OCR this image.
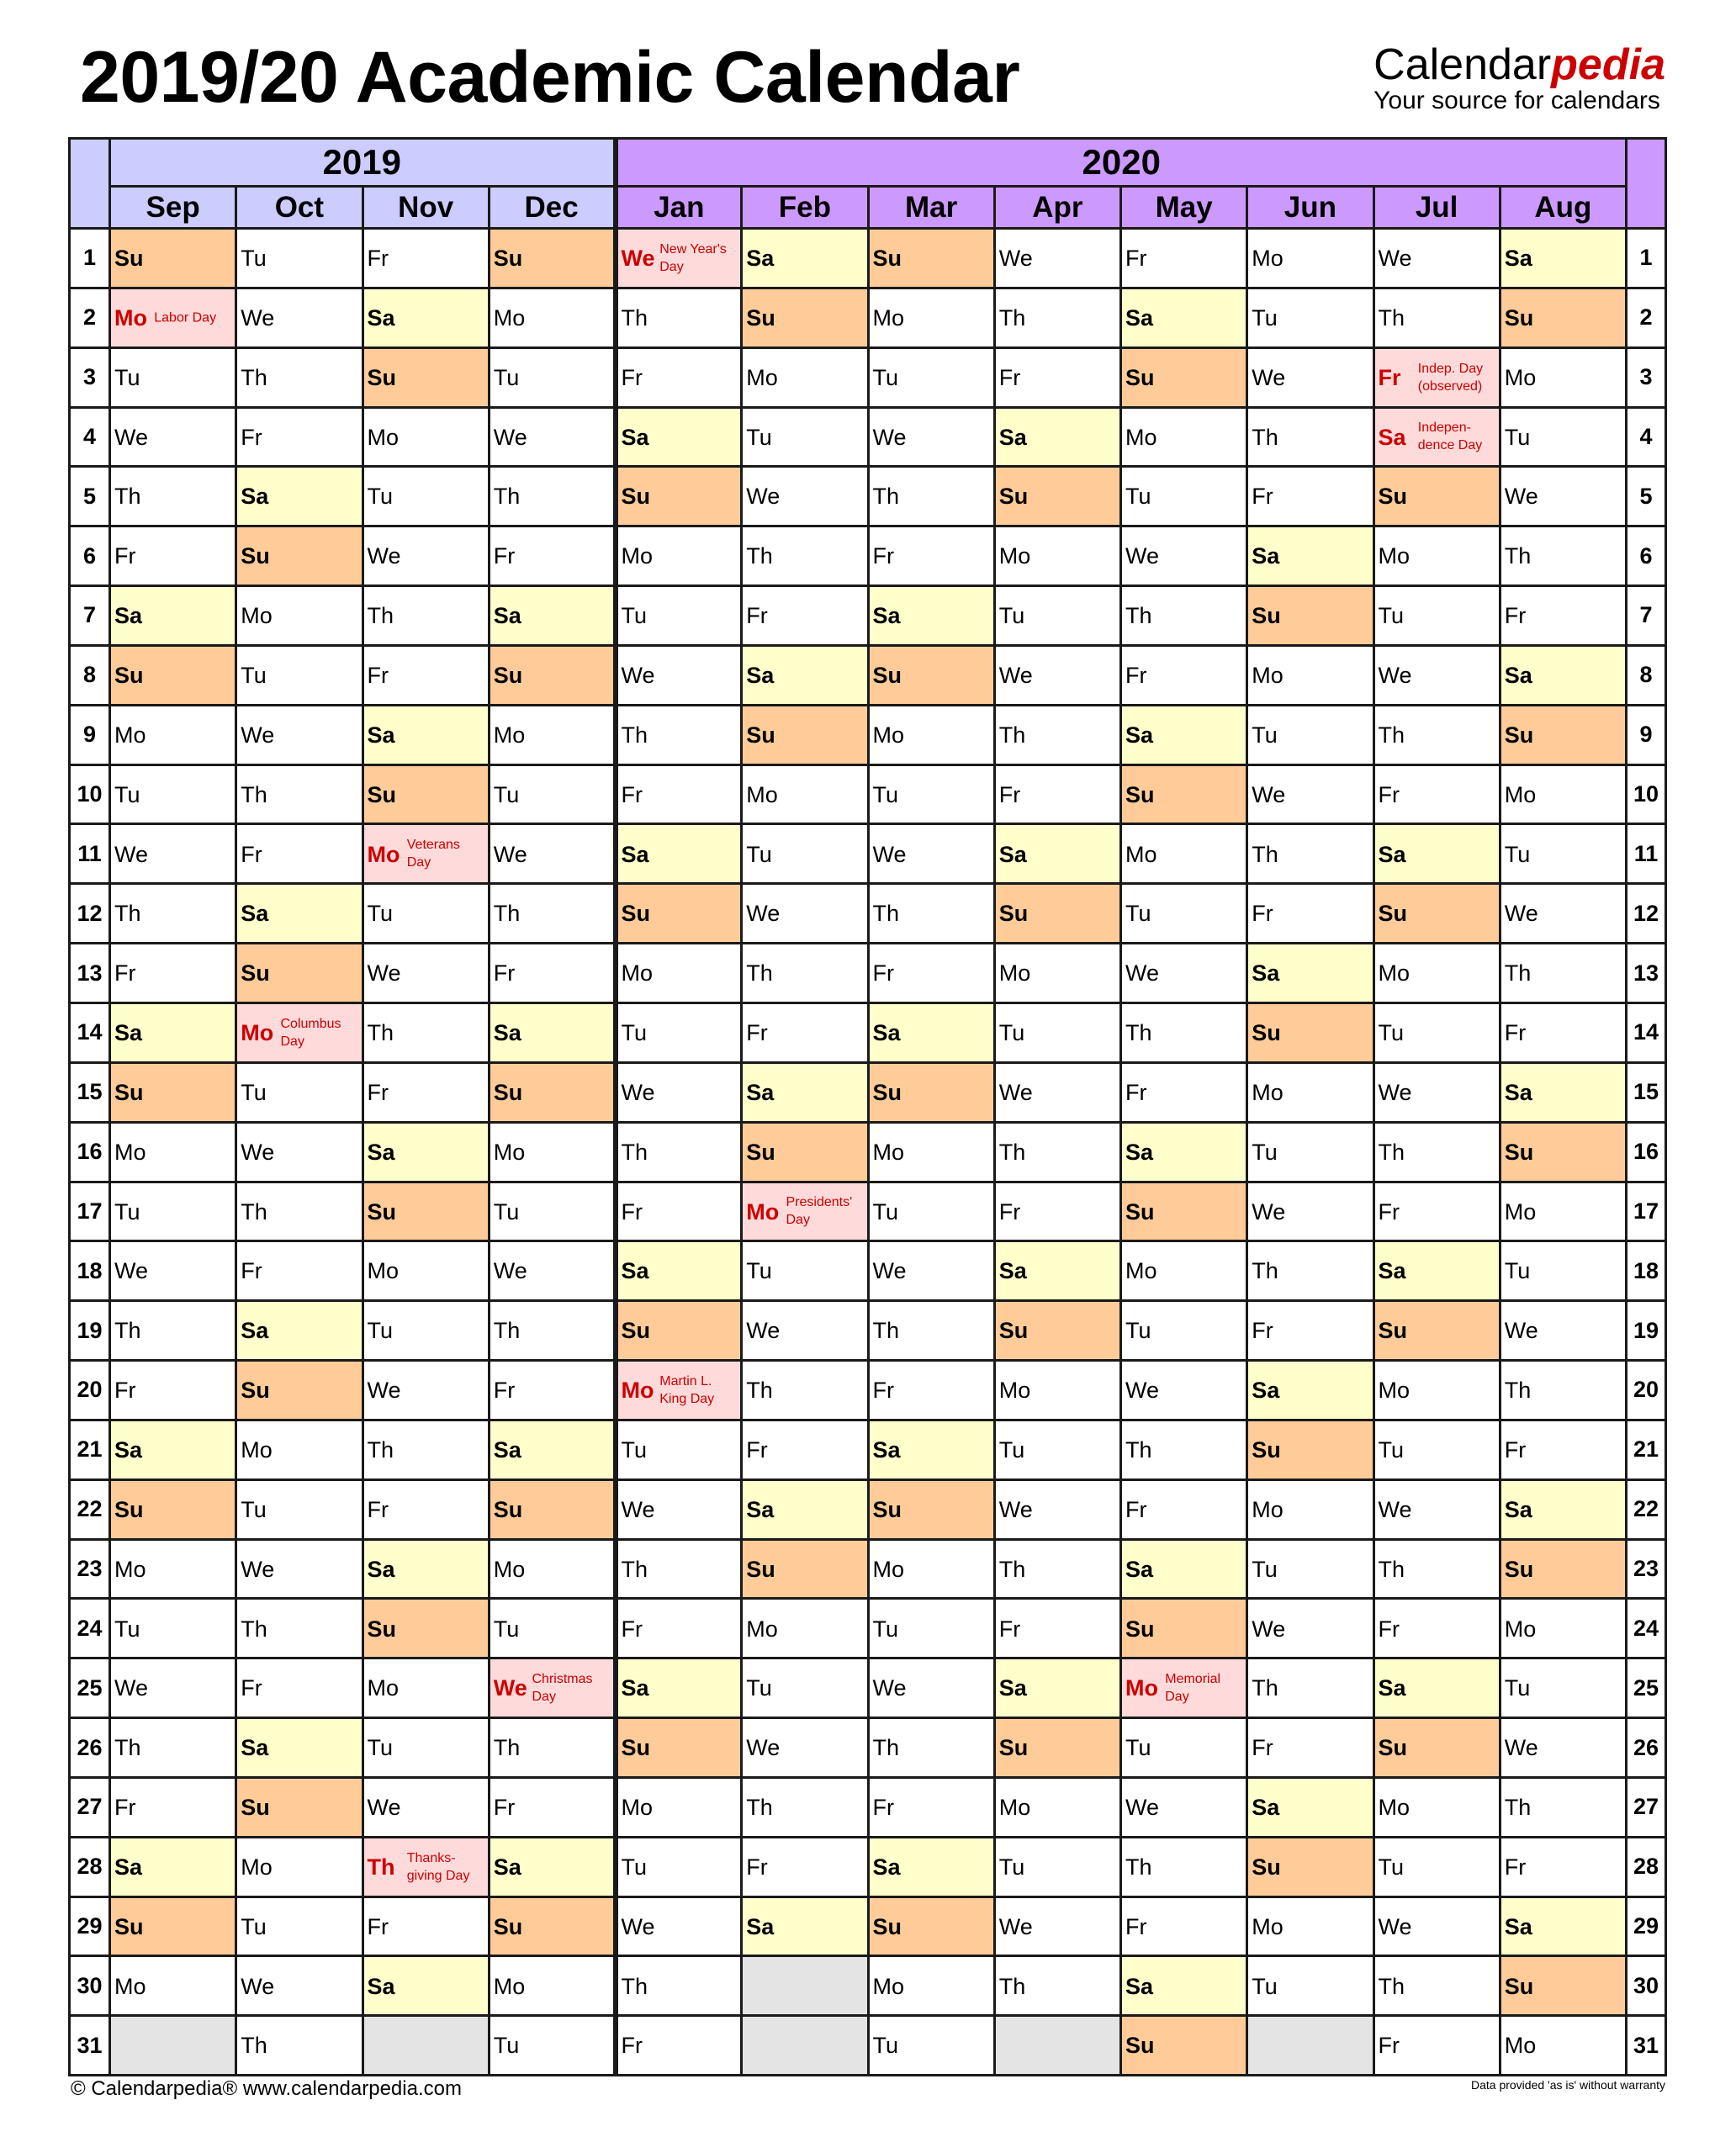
2019/20 Academic Calendar	Calendarpedia
Your source for calendars
	2019				2020								
	Sep	Oct	Nov	Dec	Jan	Feb	Mar	Apr	May	Jun	Jul	Aug	
1	Su	Tu	Fr	Su	We New Year's Day	Sa	Su	We	Fr	Mo	We	Sa	1
2	Mo Labor Day	We	Sa	Mo	Th	Su	Mo	Th	Sa	Tu	Th	Su	2
3	Tu	Th	Su	Tu	Fr	Mo	Tu	Fr	Su	We	Fr Indep. Day (observed)	Mo	3
4	We	Fr	Mo	We	Sa	Tu	We	Sa	Mo	Th	Sa Indepen- dence Day	Tu	4
5	Th	Sa	Tu	Th	Su	We	Th	Su	Tu	Fr	Su	We	5
6	Fr	Su	We	Fr	Mo	Th	Fr	Mo	We	Sa	Mo	Th	6
7	Sa	Mo	Th	Sa	Tu	Fr	Sa	Tu	Th	Su	Tu	Fr	7
8	Su	Tu	Fr	Su	We	Sa	Su	We	Fr	Mo	We	Sa	8
9	Mo	We	Sa	Mo	Th	Su	Mo	Th	Sa	Tu	Th	Su	9
10	Tu	Th	Su	Tu	Fr	Mo	Tu	Fr	Su	We	Fr	Mo	10
11	We	Fr	Mo Veterans Day	We	Sa	Tu	We	Sa	Mo	Th	Sa	Tu	11
12	Th	Sa	Tu	Th	Su	We	Th	Su	Tu	Fr	Su	We	12
13	Fr	Su	We	Fr	Mo	Th	Fr	Mo	We	Sa	Mo	Th	13
14	Sa	Mo Columbus Day	Th	Sa	Tu	Fr	Sa	Tu	Th	Su	Tu	Fr	14
15	Su	Tu	Fr	Su	We	Sa	Su	We	Fr	Mo	We	Sa	15
16	Mo	We	Sa	Mo	Th	Su	Mo	Th	Sa	Tu	Th	Su	16
17	Tu	Th	Su	Tu	Fr	Mo Presidents' Day	Tu	Fr	Su	We	Fr	Mo	17
18	We	Fr	Mo	We	Sa	Tu	We	Sa	Mo	Th	Sa	Tu	18
19	Th	Sa	Tu	Th	Su	We	Th	Su	Tu	Fr	Su	We	19
20	Fr	Su	We	Fr	Mo Martin L. King Day	Th	Fr	Mo	We	Sa	Mo	Th	20
21	Sa	Mo	Th	Sa	Tu	Fr	Sa	Tu	Th	Su	Tu	Fr	21
22	Su	Tu	Fr	Su	We	Sa	Su	We	Fr	Mo	We	Sa	22
23	Mo	We	Sa	Mo	Th	Su	Mo	Th	Sa	Tu	Th	Su	23
24	Tu	Th	Su	Tu	Fr	Mo	Tu	Fr	Su	We	Fr	Mo	24
25	We	Fr	Mo	We Christmas Day	Sa	Tu	We	Sa	Mo Memorial Day	Th	Sa	Tu	25
26	Th	Sa	Tu	Th	Su	We	Th	Su	Tu	Fr	Su	We	26
27	Fr	Su	We	Fr	Mo	Th	Fr	Mo	We	Sa	Mo	Th	27
28	Sa	Mo	Th Thanks- giving Day	Sa	Tu	Fr	Sa	Tu	Th	Su	Tu	Fr	28
29	Su	Tu	Fr	Su	We	Sa	Su	We	Fr	Mo	We	Sa	29
30	Mo	We	Sa	Mo	Th		Mo	Th	Sa	Tu	Th	Su	30
31		Th		Tu	Fr		Tu		Su		Fr	Mo	31
© Calendarpedia® www.calendarpedia.com	Data provided 'as is' without warranty
